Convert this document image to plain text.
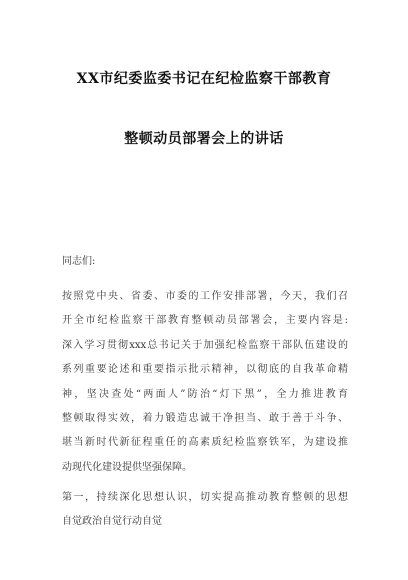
XX市纪委监委书记在纪检监察干部教育
整顿动员部署会上的讲话
同志们:
按照党中央、省委、市委的工作安排部署，今天，我们召
开全市纪检监察干部教育整顿动员部署会，主要内容是:
深入学习贯彻xxx总书记关于加强纪检监察干部队伍建设的
系列重要论述和重要指示批示精神，以彻底的自我革命精
神，坚决查处“两面人”防治“灯下黑”，全力推进教育
整顿取得实效，着力锻造忠诚干净担当、敢于善于斗争、
堪当新时代新征程重任的高素质纪检监察铁军，为建设推
动现代化建设提供坚强保障。
第一，持续深化思想认识，切实提高推动教育整顿的思想
自觉政治自觉行动自觉
